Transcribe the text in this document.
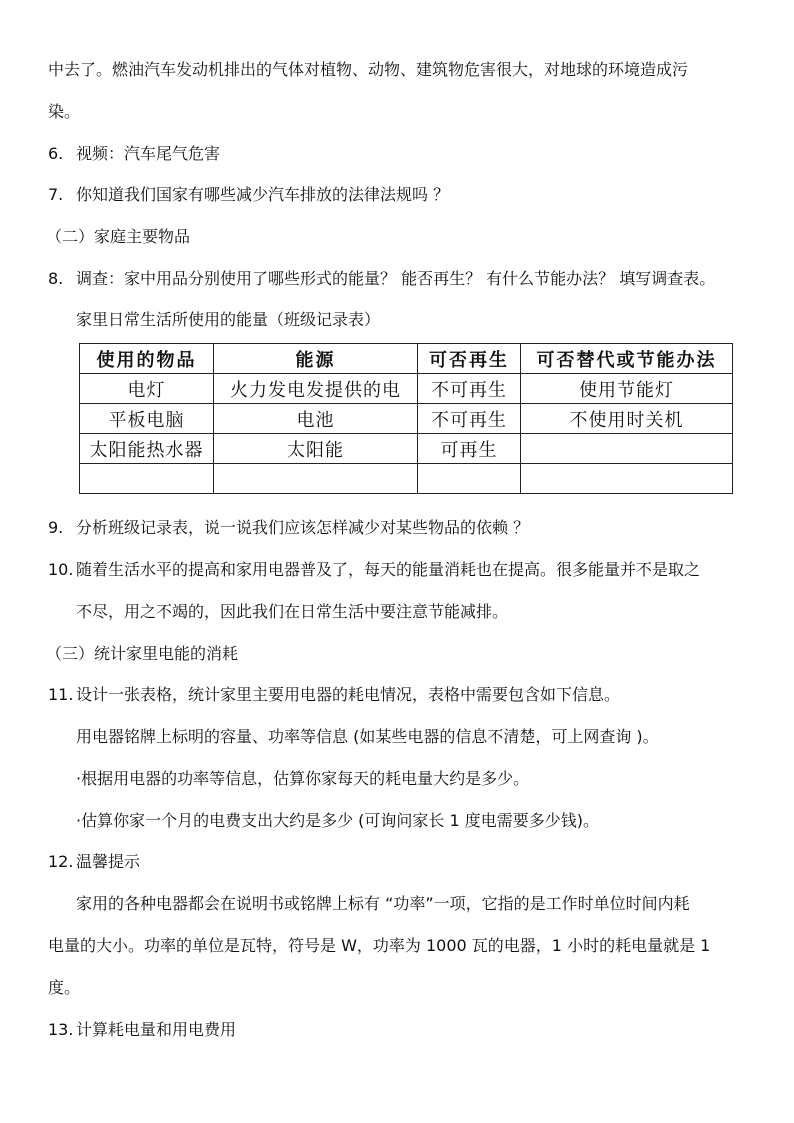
中去了。燃油汽车发动机排出的气体对植物、动物、建筑物危害很大，对地球的环境造成污
染。
6. 视频：汽车尾气危害
7. 你知道我们国家有哪些减少汽车排放的法律法规吗 ？
（二）家庭主要物品
8. 调查：家中用品分别使用了哪些形式的能量？ 能否再生？ 有什么节能办法？ 填写调查表。
家里日常生活所使用的能量（班级记录表）
使用的物品	能源	可否再生	可否替代或节能办法
电灯	火力发电发提供的电	不可再生	使用节能灯
平板电脑	电池	不可再生	不使用时关机
太阳能热水器	太阳能	可再生	

9. 分析班级记录表，说一说我们应该怎样减少对某些物品的依赖 ？
10. 随着生活水平的提高和家用电器普及了，每天的能量消耗也在提高。很多能量并不是取之
不尽，用之不竭的，因此我们在日常生活中要注意节能减排。
（三）统计家里电能的消耗
11. 设计一张表格，统计家里主要用电器的耗电情况，表格中需要包含如下信息。
用电器铭牌上标明的容量、功率等信息 (如某些电器的信息不清楚，可上网查询 )。
·根据用电器的功率等信息，估算你家每天的耗电量大约是多少。
·估算你家一个月的电费支出大约是多少 (可询问家长 1 度电需要多少钱)。
12. 温馨提示
家用的各种电器都会在说明书或铭牌上标有 “功率”一项，它指的是工作时单位时间内耗
电量的大小。功率的单位是瓦特，符号是 W，功率为 1000 瓦的电器，1 小时的耗电量就是 1
度。
13. 计算耗电量和用电费用
